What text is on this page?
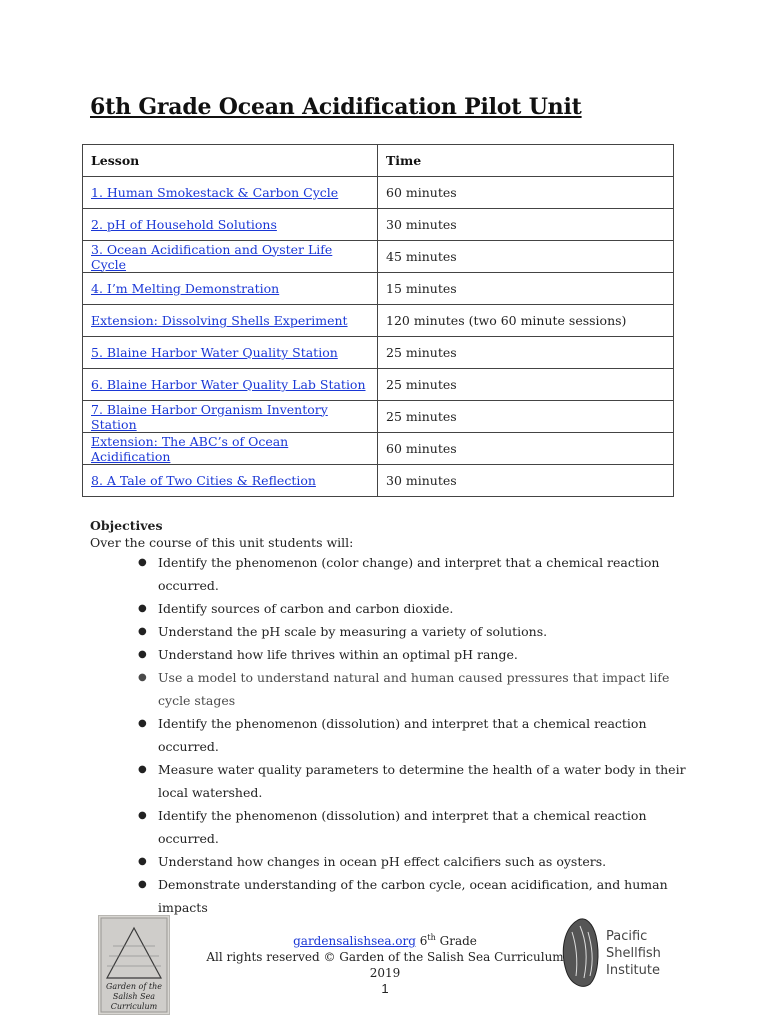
6th Grade Ocean Acidification Pilot Unit
Lesson	Time
1. Human Smokestack & Carbon Cycle	60 minutes
2. pH of Household Solutions	30 minutes
3. Ocean Acidification and Oyster Life Cycle	45 minutes
4. I’m Melting Demonstration	15 minutes
Extension: Dissolving Shells Experiment	120 minutes (two 60 minute sessions)
5. Blaine Harbor Water Quality Station	25 minutes
6. Blaine Harbor Water Quality Lab Station	25 minutes
7. Blaine Harbor Organism Inventory Station	25 minutes
Extension: The ABC’s of Ocean Acidification	60 minutes
8. A Tale of Two Cities & Reflection	30 minutes

Objectives

Over the course of this unit students will:

● Identify the phenomenon (color change) and interpret that a chemical reaction occurred.
● Identify sources of carbon and carbon dioxide.
● Understand the pH scale by measuring a variety of solutions.
● Understand how life thrives within an optimal pH range.
● Use a model to understand natural and human caused pressures that impact life cycle stages
● Identify the phenomenon (dissolution) and interpret that a chemical reaction occurred.
● Measure water quality parameters to determine the health of a water body in their local watershed.
● Identify the phenomenon (dissolution) and interpret that a chemical reaction occurred.
● Understand how changes in ocean pH effect calcifiers such as oysters.
● Demonstrate understanding of the carbon cycle, ocean acidification, and human impacts
Garden of the
Salish Sea
Curriculum
gardensalishsea.org 6th Grade
All rights reserved © Garden of the Salish Sea Curriculum 2019
1
Pacific
Shellfish
Institute
